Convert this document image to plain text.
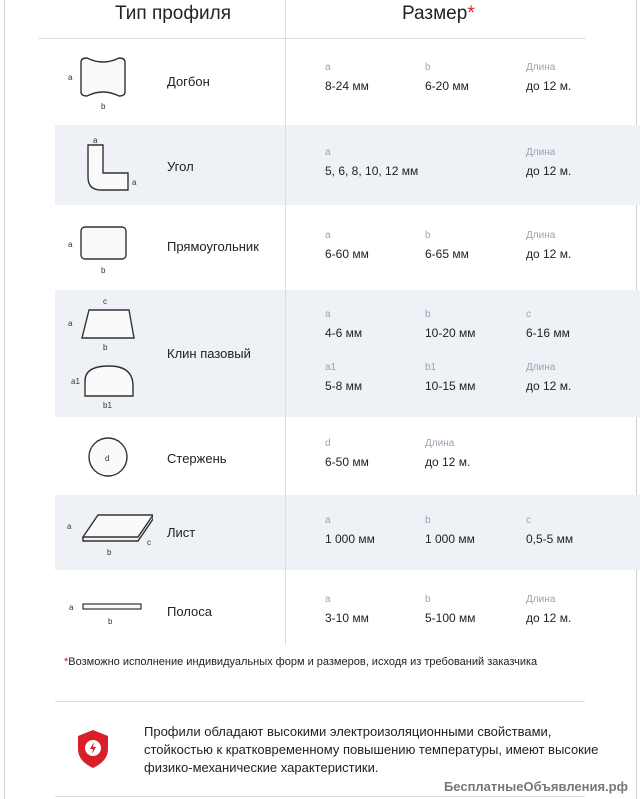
Тип профиля	Размер*
a
b
Догбон
a
a
Угол
a
b
Прямоугольник
c
a
b
a1
b1
Клин пазовый
d	Стержень
a
b
c
Лист
a
b
Полоса
a
8-24 мм
b
6-20 мм
Длина
до 12 м.
a
5, 6, 8, 10, 12 мм
Длина
до 12 м.
a
6-60 мм
b
6-65 мм
Длина
до 12 м.
a
4-6 мм
b
10-20 мм
c
6-16 мм
a1
5-8 мм
b1
10-15 мм
Длина
до 12 м.
d
6-50 мм
Длина
до 12 м.
a
1 000 мм
b
1 000 мм
c
0,5-5 мм
a
3-10 мм
b
5-100 мм
Длина
до 12 м.
*Возможно исполнение индивидуальных форм и размеров, исходя из требований заказчика
Профили обладают высокими электроизоляционными свойствами, стойкостью к кратковременному повышению температуры, имеют высокие физико-механические характеристики.
БесплатныеОбъявления.рф
